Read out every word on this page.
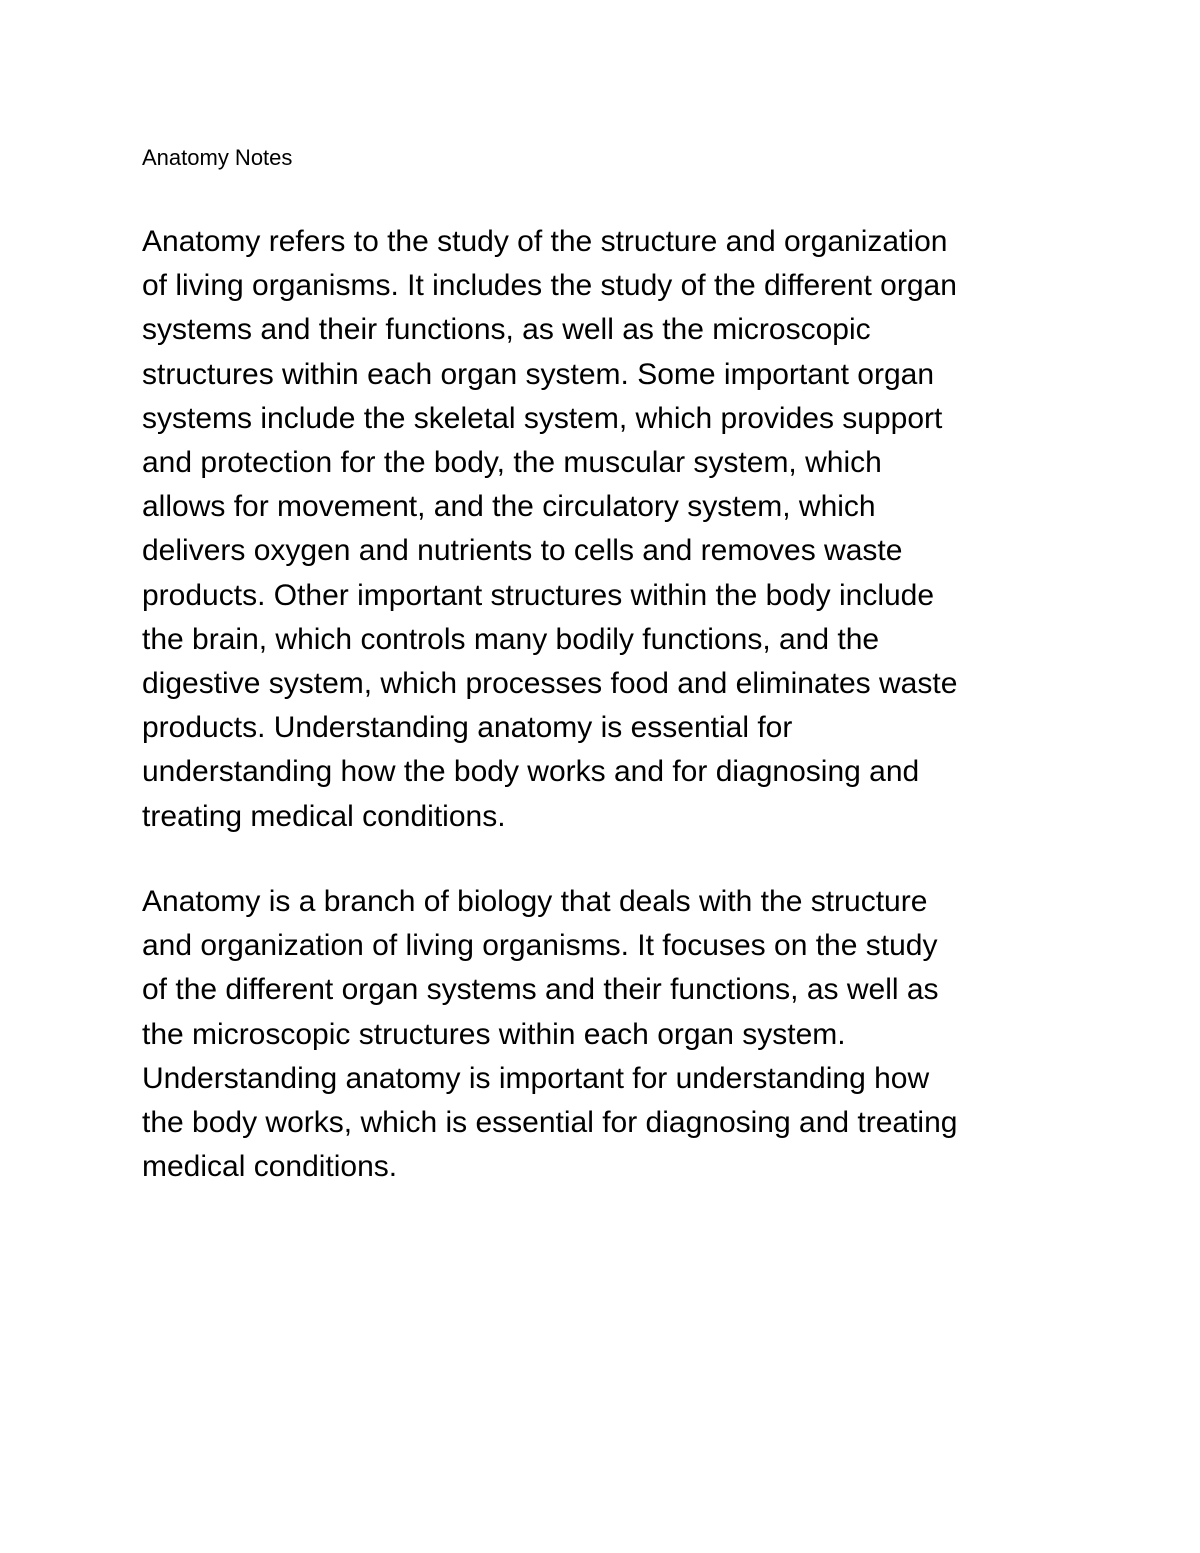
Anatomy Notes

Anatomy refers to the study of the structure and organization
of living organisms. It includes the study of the different organ
systems and their functions, as well as the microscopic
structures within each organ system. Some important organ
systems include the skeletal system, which provides support
and protection for the body, the muscular system, which
allows for movement, and the circulatory system, which
delivers oxygen and nutrients to cells and removes waste
products. Other important structures within the body include
the brain, which controls many bodily functions, and the
digestive system, which processes food and eliminates waste
products. Understanding anatomy is essential for
understanding how the body works and for diagnosing and
treating medical conditions.

Anatomy is a branch of biology that deals with the structure
and organization of living organisms. It focuses on the study
of the different organ systems and their functions, as well as
the microscopic structures within each organ system.
Understanding anatomy is important for understanding how
the body works, which is essential for diagnosing and treating
medical conditions.
